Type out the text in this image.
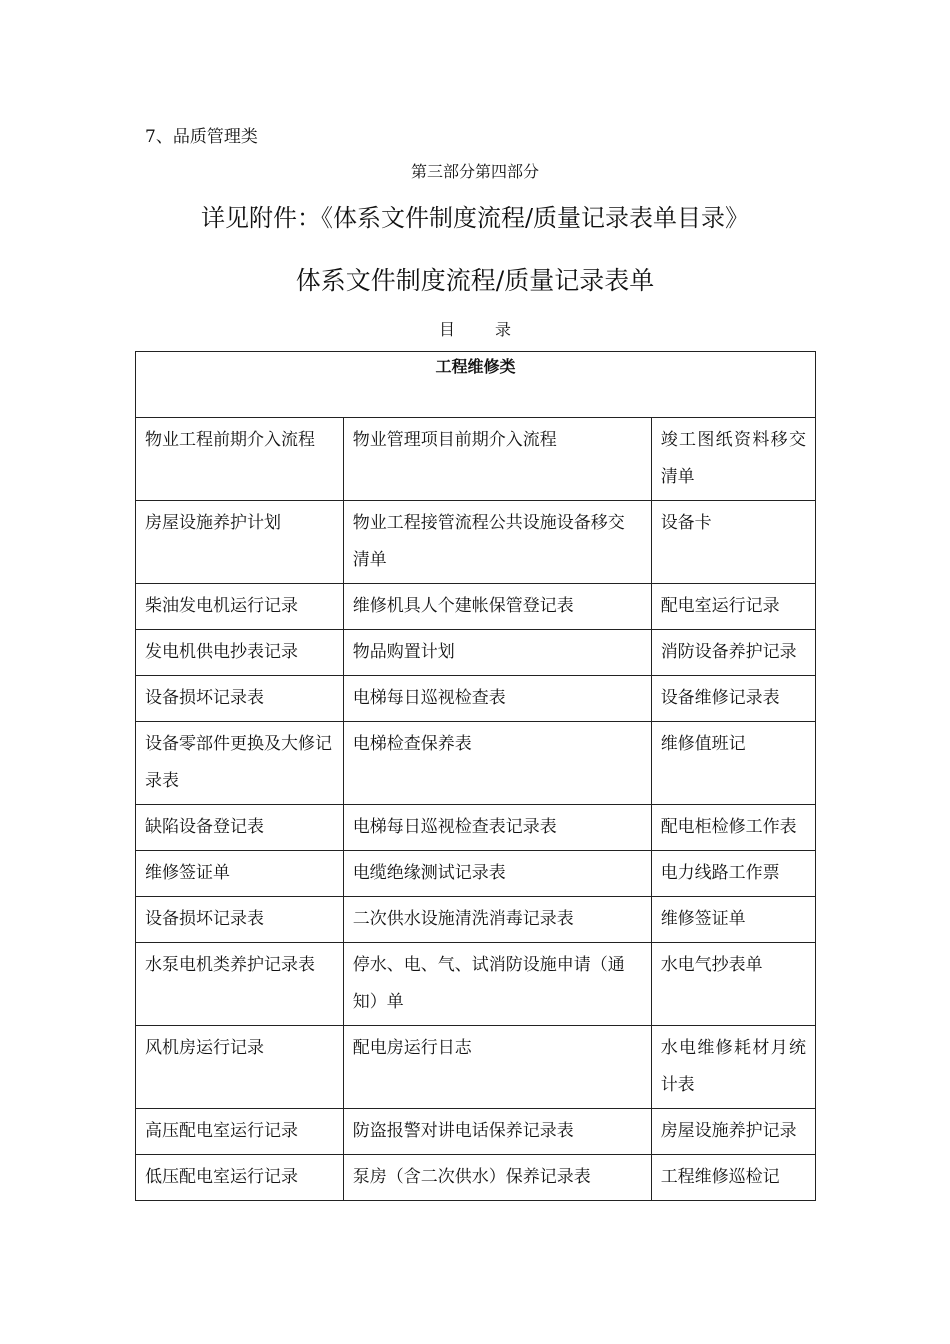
7、品质管理类
第三部分第四部分
详见附件：《体系文件制度流程/质量记录表单目录》
体系文件制度流程/质量记录表单
目	录
工程维修类		
物业工程前期介入流程	物业管理项目前期介入流程	竣工图纸资料移交清单
房屋设施养护计划	物业工程接管流程公共设施设备移交清单	设备卡
柴油发电机运行记录	维修机具人个建帐保管登记表	配电室运行记录
发电机供电抄表记录	物品购置计划	消防设备养护记录
设备损坏记录表	电梯每日巡视检查表	设备维修记录表
设备零部件更换及大修记录表	电梯检查保养表	维修值班记
缺陷设备登记表	电梯每日巡视检查表记录表	配电柜检修工作表
维修签证单	电缆绝缘测试记录表	电力线路工作票
设备损坏记录表	二次供水设施清洗消毒记录表	维修签证单
水泵电机类养护记录表	停水、电、气、试消防设施申请（通知）单	水电气抄表单
风机房运行记录	配电房运行日志	水电维修耗材月统计表
高压配电室运行记录	防盗报警对讲电话保养记录表	房屋设施养护记录
低压配电室运行记录	泵房（含二次供水）保养记录表	工程维修巡检记
